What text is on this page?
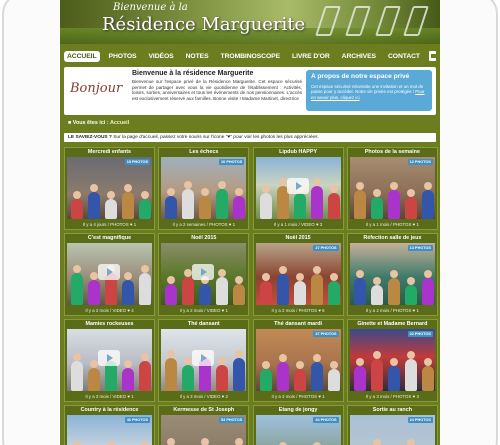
Bienvenue à la
Résidence Marguerite
ACCUEIL	PHOTOS	VIDÉOS	NOTES	TROMBINOSCOPE	LIVRE D'OR	ARCHIVES	CONTACT
Bonjour
Bienvenue à la résidence Marguerite
Bienvenue sur l'espace privé de la Résidence Marguerite. Cet espace sécurisé permet de partager avec vous la vie quotidienne de l'établissement : Activités, loisirs, sorties, anniversaires et tous les événements de nos pensionnaires. L'accès est exclusivement réservé aux familles. Bonne visite ! Madame Martinet, directrice
A propos de notre espace privé
Cet espace sécurisé nécessite une invitation et un mot de passe pour y accéder. Notre vie privée est protégée ! Pour en savoir plus, cliquez ici
■ Vous êtes ici : Accueil
LE SAVIEZ-VOUS ? Sur la page d'accueil, passez votre souris sur l'icone "♥" pour voir les photos les plus appréciées.
Mercredi enfants
15 PHOTOS
Il y a 4 jours / PHOTOS ♥ 1
Les échecs
10 PHOTOS
Il y a 2 semaines / PHOTOS ♥ 1
Lipdub HAPPY
Il y a 1 mois / VIDEO ♥ 3
Photos de la semaine
12 PHOTOS
Il y a 1 mois / PHOTOS ♥ 1
C'est magnifique
Il y a 2 mois / VIDEO ♥ 4
Noël 2015
Il y a 2 mois / VIDEO ♥ 1
Noël 2015
27 PHOTOS
Il y a 2 mois / PHOTOS ♥ 6
Réfection salle de jeux
13 PHOTOS
Il y a 2 mois / PHOTOS ♥ 1
Mamies rockeuses
Il y a 3 mois / VIDEO ♥ 1
Thé dansant
Il y a 3 mois / VIDEO ♥ 2
Thé dansant mardi
37 PHOTOS
Il y a 3 mois / PHOTOS ♥ 1
Ginette et Madame Bernard
22 PHOTOS
Il y a 3 mois / PHOTOS ♥ 3
Country à la résidence
46 PHOTOS
Kermesse de St Joseph
53 PHOTOS
Etang de jongy
34 PHOTOS
Sortie au ranch
24 PHOTOS
